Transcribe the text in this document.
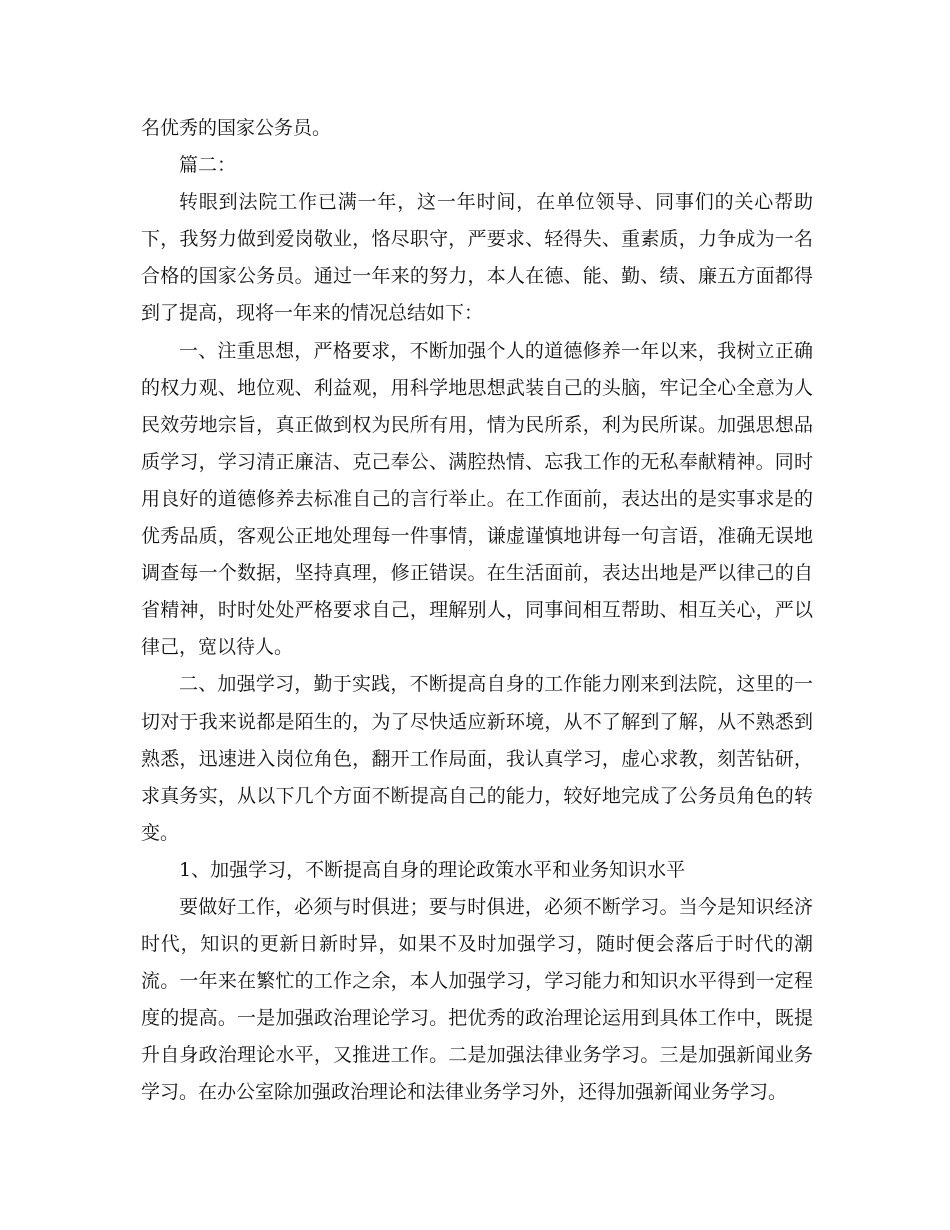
名优秀的国家公务员。

篇二：

转眼到法院工作已满一年，这一年时间，在单位领导、同事们的关心帮助下，我努力做到爱岗敬业，恪尽职守，严要求、轻得失、重素质，力争成为一名合格的国家公务员。通过一年来的努力，本人在德、能、勤、绩、廉五方面都得到了提高，现将一年来的情况总结如下：

一、注重思想，严格要求，不断加强个人的道德修养一年以来，我树立正确的权力观、地位观、利益观，用科学地思想武装自己的头脑，牢记全心全意为人民效劳地宗旨，真正做到权为民所有用，情为民所系，利为民所谋。加强思想品质学习，学习清正廉洁、克己奉公、满腔热情、忘我工作的无私奉献精神。同时用良好的道德修养去标准自己的言行举止。在工作面前，表达出的是实事求是的优秀品质，客观公正地处理每一件事情，谦虚谨慎地讲每一句言语，准确无误地调查每一个数据，坚持真理，修正错误。在生活面前，表达出地是严以律己的自省精神，时时处处严格要求自己，理解别人，同事间相互帮助、相互关心，严以律己，宽以待人。

二、加强学习，勤于实践，不断提高自身的工作能力刚来到法院，这里的一切对于我来说都是陌生的，为了尽快适应新环境，从不了解到了解，从不熟悉到熟悉，迅速进入岗位角色，翻开工作局面，我认真学习，虚心求教，刻苦钻研，求真务实，从以下几个方面不断提高自己的能力，较好地完成了公务员角色的转变。

1、加强学习，不断提高自身的理论政策水平和业务知识水平

要做好工作，必须与时俱进；要与时俱进，必须不断学习。当今是知识经济时代，知识的更新日新时异，如果不及时加强学习，随时便会落后于时代的潮流。一年来在繁忙的工作之余，本人加强学习，学习能力和知识水平得到一定程度的提高。一是加强政治理论学习。把优秀的政治理论运用到具体工作中，既提升自身政治理论水平，又推进工作。二是加强法律业务学习。三是加强新闻业务学习。在办公室除加强政治理论和法律业务学习外，还得加强新闻业务学习。
